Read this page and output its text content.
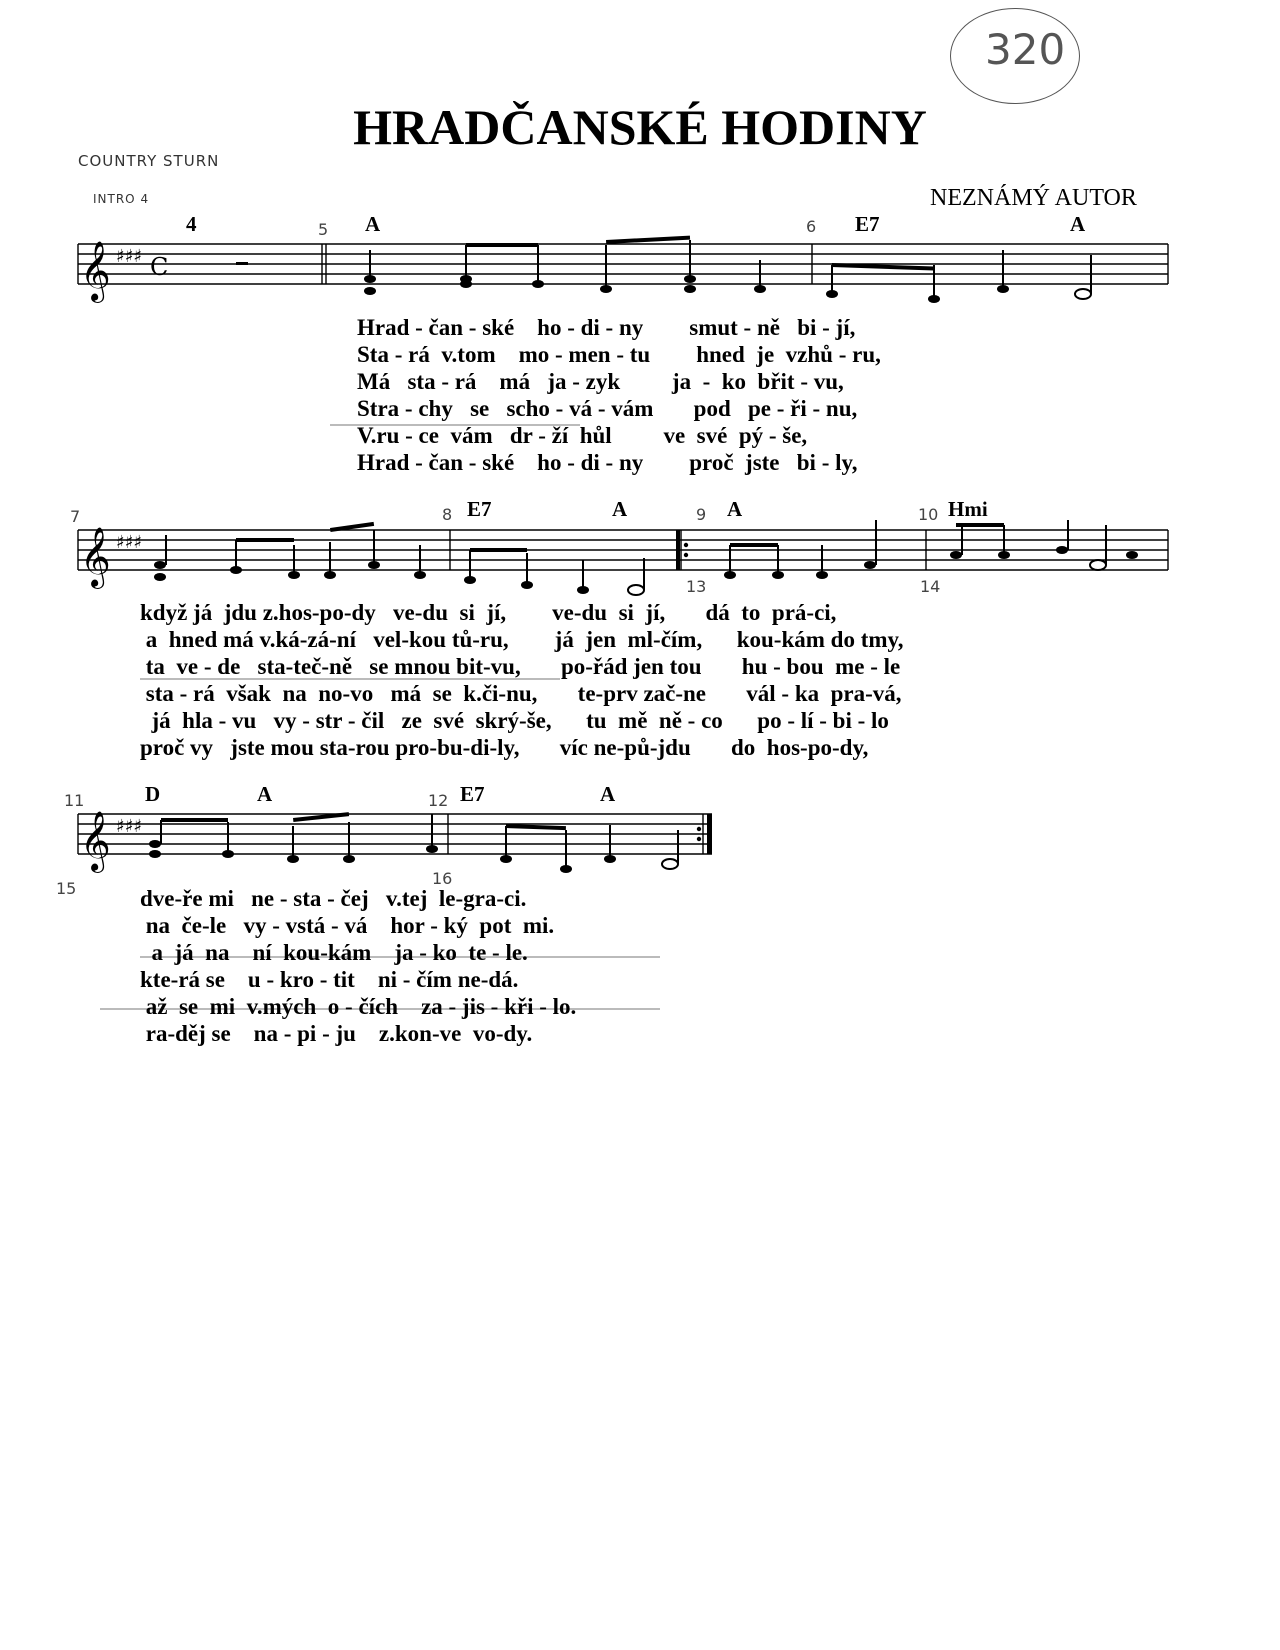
HRADČANSKÉ HODINY
NEZNÁMÝ AUTOR
320
COUNTRY STURN
INTRO 4
4	A	E7	A
E7	A	A	Hmi
D	A	E7	A
𝄞
𝄞
𝄞
♯♯♯
♯♯♯
♯♯♯
C
5	6
7	8	9
13
10
14
11
15
12
16
Hrad - čan - ské    ho - di - ny        smut - ně   bi - jí,
Sta - rá  v.tom    mo - men - tu        hned  je  vzhů - ru,
Má   sta - rá    má   ja - zyk         ja  -  ko  břit - vu,
Stra - chy   se   scho - vá - vám       pod   pe - ři - nu,
V.ru - ce  vám   dr - ží  hůl         ve  své  pý - še,
Hrad - čan - ské    ho - di - ny        proč  jste   bi - ly,
když já  jdu z.hos-po-dy   ve-du  si  jí,        ve-du  si  jí,       dá  to  prá-ci,
a  hned má v.ká-zá-ní   vel-kou tů-ru,        já  jen  ml-čím,      kou-kám do tmy,
ta  ve - de   sta-teč-ně   se mnou bit-vu,       po-řád jen tou       hu - bou  me - le
sta - rá  však  na  no-vo   má  se  k.či-nu,       te-prv zač-ne       vál - ka  pra-vá,
já  hla - vu   vy - str - čil   ze  své  skrý-še,      tu  mě  ně - co      po - lí - bi - lo
proč vy   jste mou sta-rou pro-bu-di-ly,       víc ne-pů-jdu       do  hos-po-dy,
dve-ře mi   ne - sta - čej   v.tej  le-gra-ci.
na  če-le   vy - vstá - vá    hor - ký  pot  mi.
a  já  na    ní  kou-kám    ja - ko  te - le.
kte-rá se    u - kro - tit    ni - čím ne-dá.
až  se  mi  v.mých  o - čích    za - jis - kři - lo.
ra-děj se    na - pi - ju    z.kon-ve  vo-dy.
